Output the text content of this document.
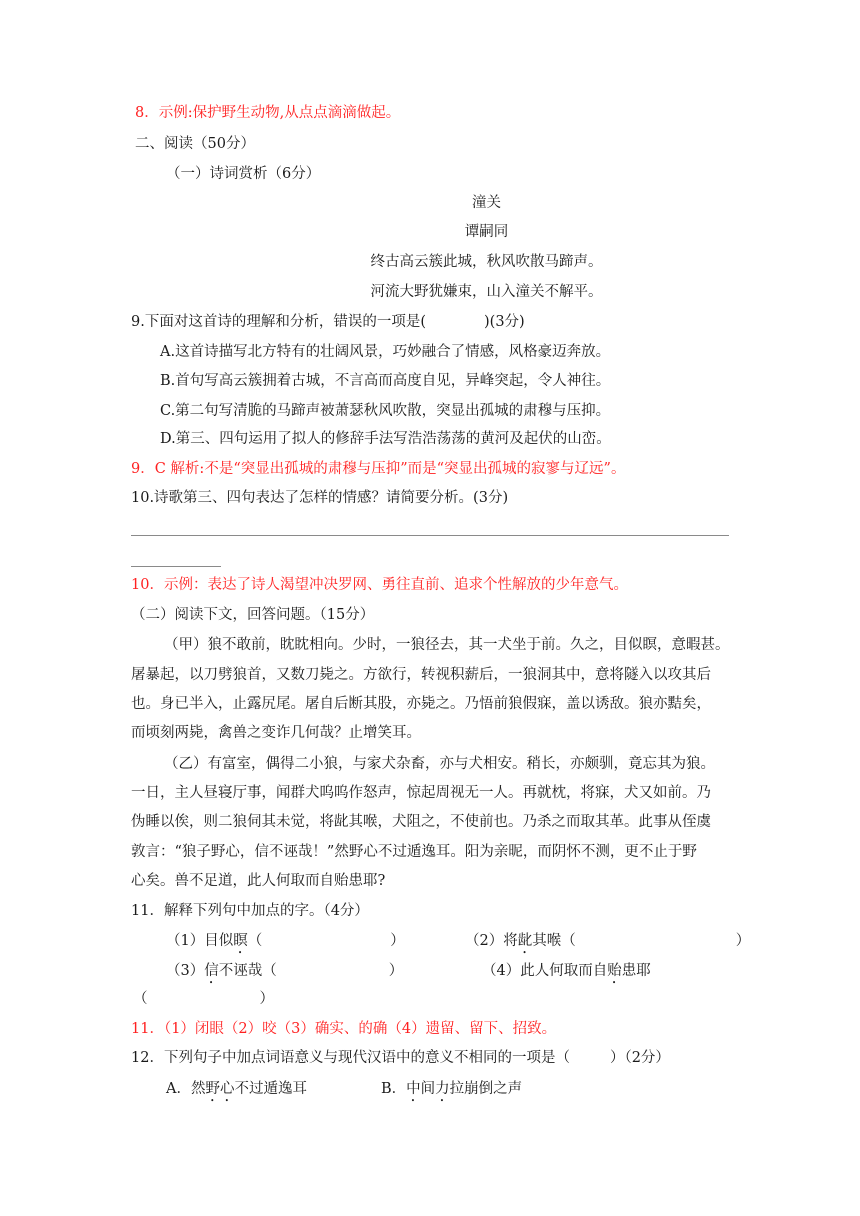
8．示例:保护野生动物,从点点滴滴做起。
二、阅读（50分）
（一）诗词赏析（6分）
潼关
谭嗣同
终古高云簇此城，秋风吹散马蹄声。
河流大野犹嫌束，山入潼关不解平。
9.下面对这首诗的理解和分析，错误的一项是(	)(3分)
A.这首诗描写北方特有的壮阔风景，巧妙融合了情感，风格豪迈奔放。
B.首句写高云簇拥着古城，不言高而高度自见，异峰突起，令人神往。
C.第二句写清脆的马蹄声被萧瑟秋风吹散，突显出孤城的肃穆与压抑。
D.第三、四句运用了拟人的修辞手法写浩浩荡荡的黄河及起伏的山峦。
9．C 解析:不是“突显出孤城的肃穆与压抑”而是“突显出孤城的寂寥与辽远”。
10.诗歌第三、四句表达了怎样的情感？请简要分析。(3分)
10．示例：表达了诗人渴望冲决罗网、勇往直前、追求个性解放的少年意气。
（二）阅读下文，回答问题。（15分）
（甲）狼不敢前，眈眈相向。少时，一狼径去，其一犬坐于前。久之，目似瞑，意暇甚。
屠暴起，以刀劈狼首，又数刀毙之。方欲行，转视积薪后，一狼洞其中，意将隧入以攻其后
也。身已半入，止露尻尾。屠自后断其股，亦毙之。乃悟前狼假寐，盖以诱敌。狼亦黠矣，
而顷刻两毙，禽兽之变诈几何哉？止增笑耳。
（乙）有富室，偶得二小狼，与家犬杂畜，亦与犬相安。稍长，亦颇驯，竟忘其为狼。
一日，主人昼寝厅事，闻群犬呜呜作怒声，惊起周视无一人。再就枕，将寐，犬又如前。乃
伪睡以俟，则二狼伺其未觉，将龀其喉，犬阻之，不使前也。乃杀之而取其革。此事从侄虞
敦言：“狼子野心，信不诬哉！”然野心不过遁逸耳。阳为亲昵，而阴怀不测，更不止于野
心矣。兽不足道，此人何取而自贻患耶?
11．解释下列句中加点的字。（4分）
（1）目似瞑（	）	（2）将龀其喉（	）
（3）信不诬哉（	）	（4）此人何取而自贻患耶
（	）
11．（1）闭眼（2）咬（3）确实、的确（4）遗留、留下、招致。
12．下列句子中加点词语意义与现代汉语中的意义不相同的一项是（	）（2分）
A．然野心不过遁逸耳	B．中间力拉崩倒之声
